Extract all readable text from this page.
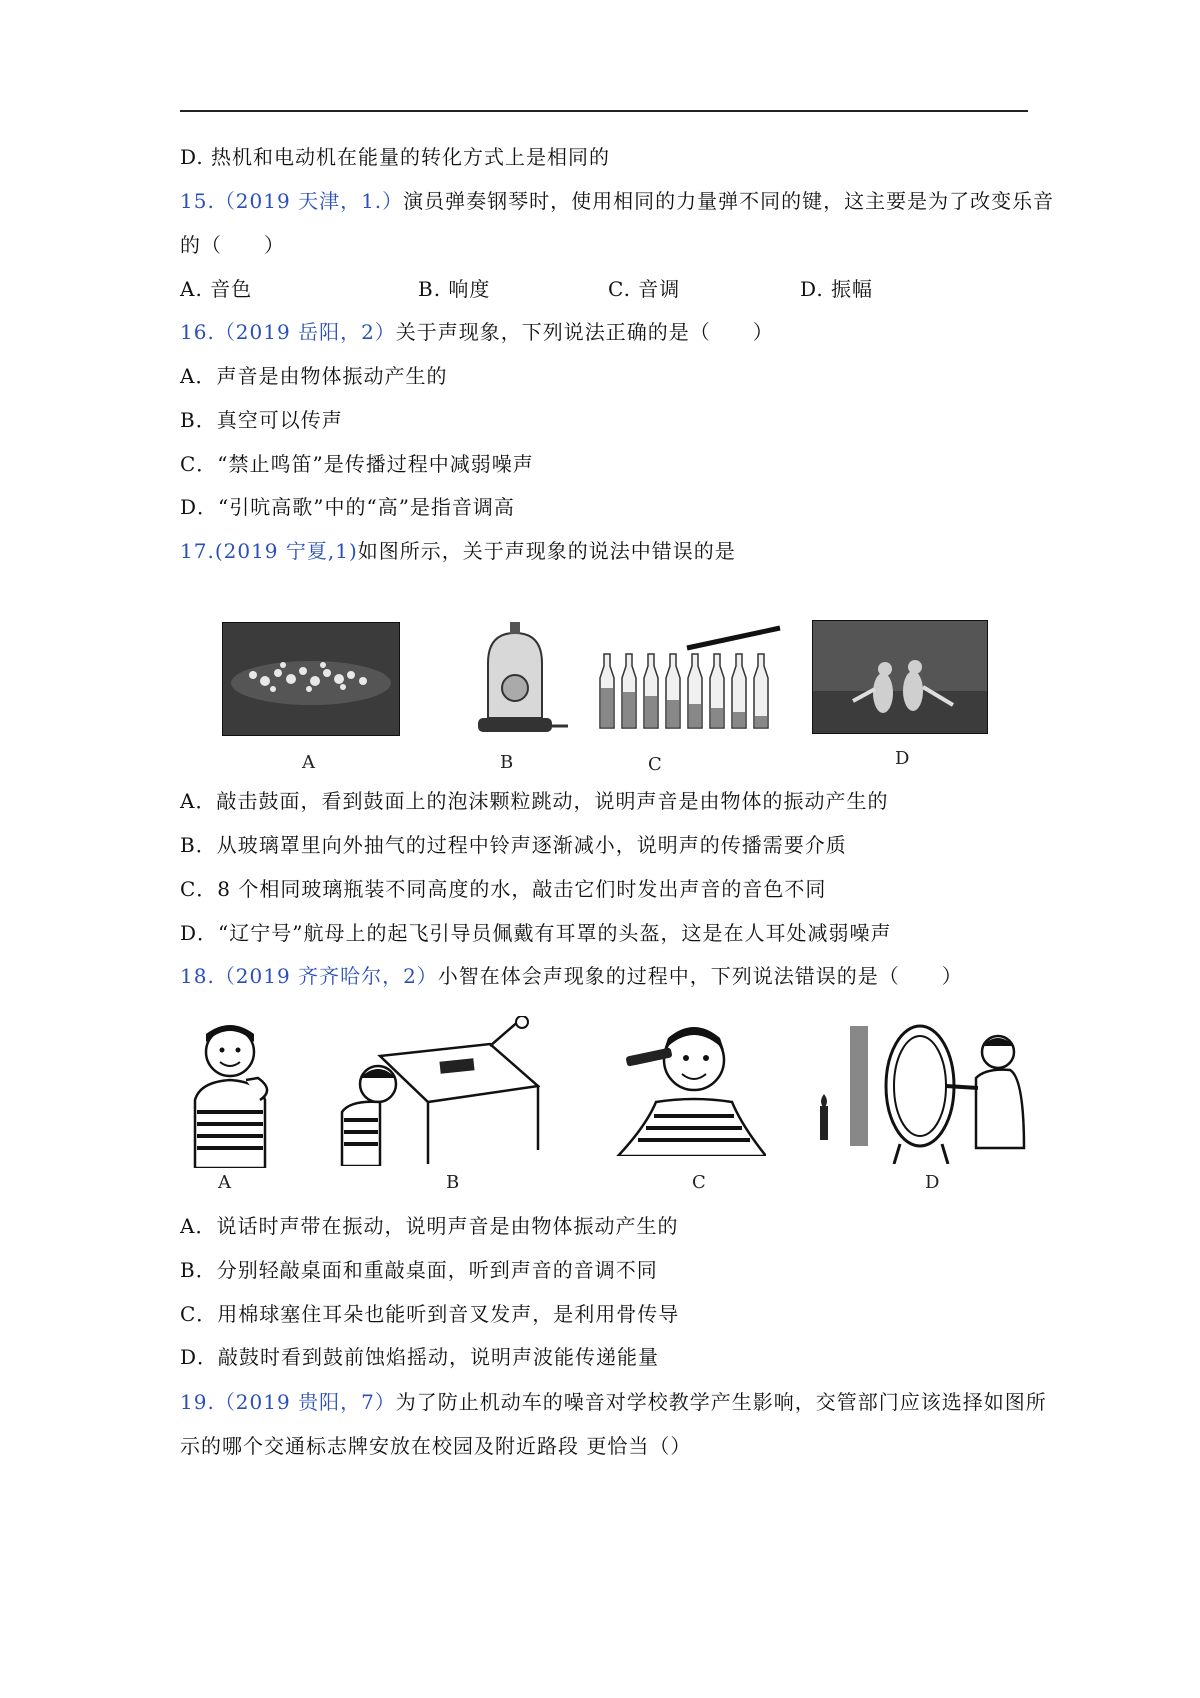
D. 热机和电动机在能量的转化方式上是相同的
15.（2019 天津，1.）演员弹奏钢琴时，使用相同的力量弹不同的键，这主要是为了改变乐音
的（　　）
A. 音色	B. 响度	C. 音调	D. 振幅
16.（2019 岳阳，2）关于声现象，下列说法正确的是（　　）
A．声音是由物体振动产生的
B．真空可以传声
C．“禁止鸣笛”是传播过程中减弱噪声
D．“引吭高歌”中的“高”是指音调高
17.(2019 宁夏,1)如图所示，关于声现象的说法中错误的是
A	B	C	D
A．敲击鼓面，看到鼓面上的泡沫颗粒跳动，说明声音是由物体的振动产生的
B．从玻璃罩里向外抽气的过程中铃声逐渐减小，说明声的传播需要介质
C．8 个相同玻璃瓶装不同高度的水，敲击它们时发出声音的音色不同
D．“辽宁号”航母上的起飞引导员佩戴有耳罩的头盔，这是在人耳处减弱噪声
18.（2019 齐齐哈尔，2）小智在体会声现象的过程中，下列说法错误的是（　　）
A	B	C	D
A．说话时声带在振动，说明声音是由物体振动产生的
B．分别轻敲桌面和重敲桌面，听到声音的音调不同
C．用棉球塞住耳朵也能听到音叉发声，是利用骨传导
D．敲鼓时看到鼓前蚀焰摇动，说明声波能传递能量
19.（2019 贵阳，7）为了防止机动车的噪音对学校教学产生影响，交管部门应该选择如图所
示的哪个交通标志牌安放在校园及附近路段 更恰当（）
